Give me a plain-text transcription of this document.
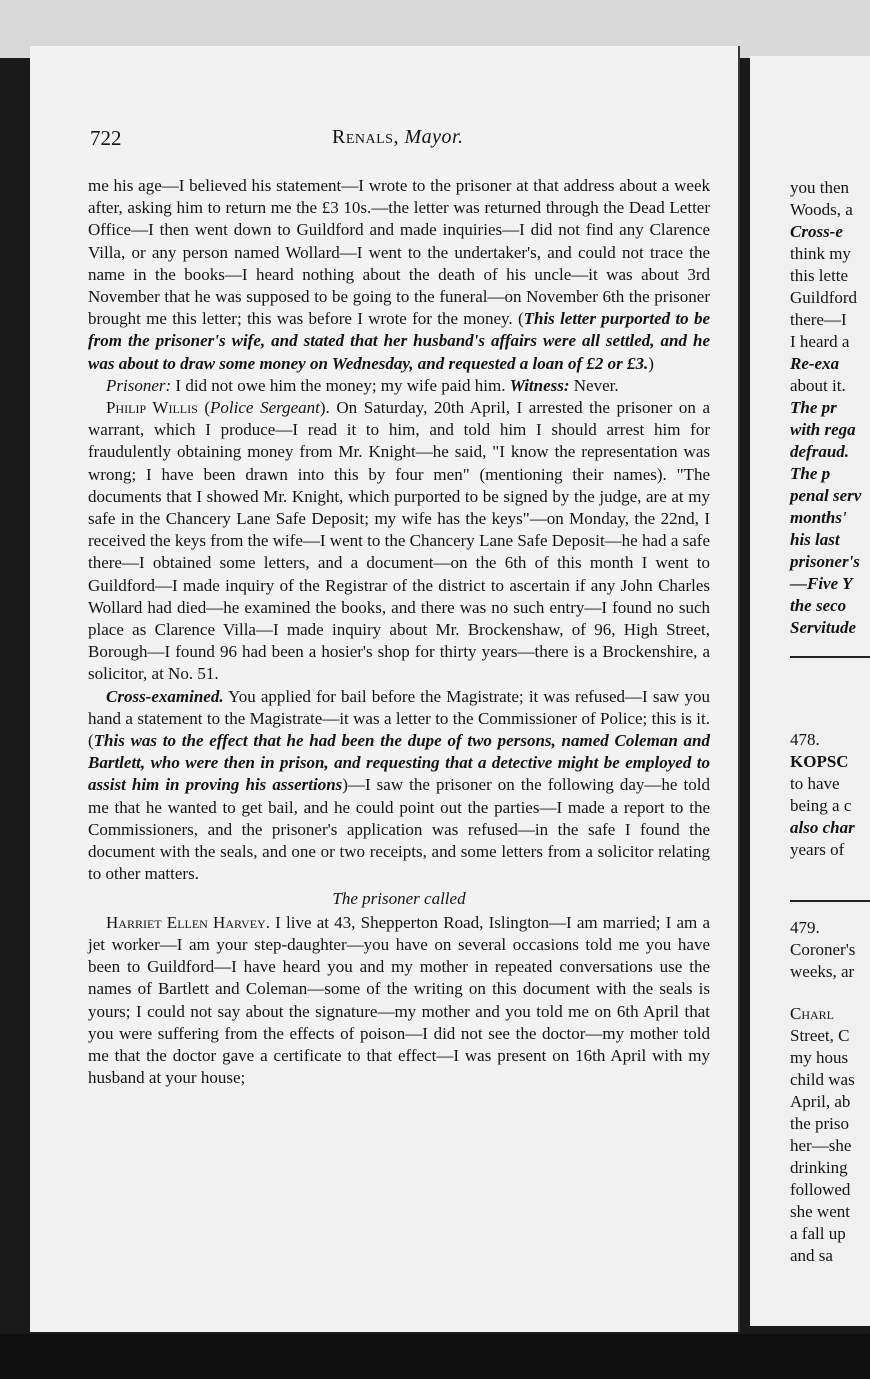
722	Renals, Mayor.

me his age—I believed his statement—I wrote to the prisoner at that address about a week after, asking him to return me the £3 10s.—the letter was returned through the Dead Letter Office—I then went down to Guildford and made inquiries—I did not find any Clarence Villa, or any person named Wollard—I went to the undertaker's, and could not trace the name in the books—I heard nothing about the death of his uncle—it was about 3rd November that he was supposed to be going to the funeral—on November 6th the prisoner brought me this letter; this was before I wrote for the money. (This letter purported to be from the prisoner's wife, and stated that her husband's affairs were all settled, and he was about to draw some money on Wednesday, and requested a loan of £2 or £3.)

Prisoner: I did not owe him the money; my wife paid him. Witness: Never.

Philip Willis (Police Sergeant). On Saturday, 20th April, I arrested the prisoner on a warrant, which I produce—I read it to him, and told him I should arrest him for fraudulently obtaining money from Mr. Knight—he said, "I know the representation was wrong; I have been drawn into this by four men" (mentioning their names). "The documents that I showed Mr. Knight, which purported to be signed by the judge, are at my safe in the Chancery Lane Safe Deposit; my wife has the keys"—on Monday, the 22nd, I received the keys from the wife—I went to the Chancery Lane Safe Deposit—he had a safe there—I obtained some letters, and a document—on the 6th of this month I went to Guildford—I made inquiry of the Registrar of the district to ascertain if any John Charles Wollard had died—he examined the books, and there was no such entry—I found no such place as Clarence Villa—I made inquiry about Mr. Brockenshaw, of 96, High Street, Borough—I found 96 had been a hosier's shop for thirty years—there is a Brockenshire, a solicitor, at No. 51.

Cross-examined. You applied for bail before the Magistrate; it was refused—I saw you hand a statement to the Magistrate—it was a letter to the Commissioner of Police; this is it. (This was to the effect that he had been the dupe of two persons, named Coleman and Bartlett, who were then in prison, and requesting that a detective might be employed to assist him in proving his assertions)—I saw the prisoner on the following day—he told me that he wanted to get bail, and he could point out the parties—I made a report to the Commissioners, and the prisoner's application was refused—in the safe I found the document with the seals, and one or two receipts, and some letters from a solicitor relating to other matters.

The prisoner called

Harriet Ellen Harvey. I live at 43, Shepperton Road, Islington—I am married; I am a jet worker—I am your step-daughter—you have on several occasions told me you have been to Guildford—I have heard you and my mother in repeated conversations use the names of Bartlett and Coleman—some of the writing on this document with the seals is yours; I could not say about the signature—my mother and you told me on 6th April that you were suffering from the effects of poison—I did not see the doctor—my mother told me that the doctor gave a certificate to that effect—I was present on 16th April with my husband at your house;

you then
Woods, a
Cross-e
think my
this lette
Guildford
there—I
I heard a
Re-exa
about it.
The pr
with rega
defraud.
The p
penal serv
months'
his last
prisoner's
—Five Y
the seco
Servitude
478.
KOPSC
to have
being a c
also char
years of
479.
Coroner's
weeks, ar
Charl
Street, C
my hous
child was
April, ab
the priso
her—she
drinking
followed
she went
a fall up
and sa
